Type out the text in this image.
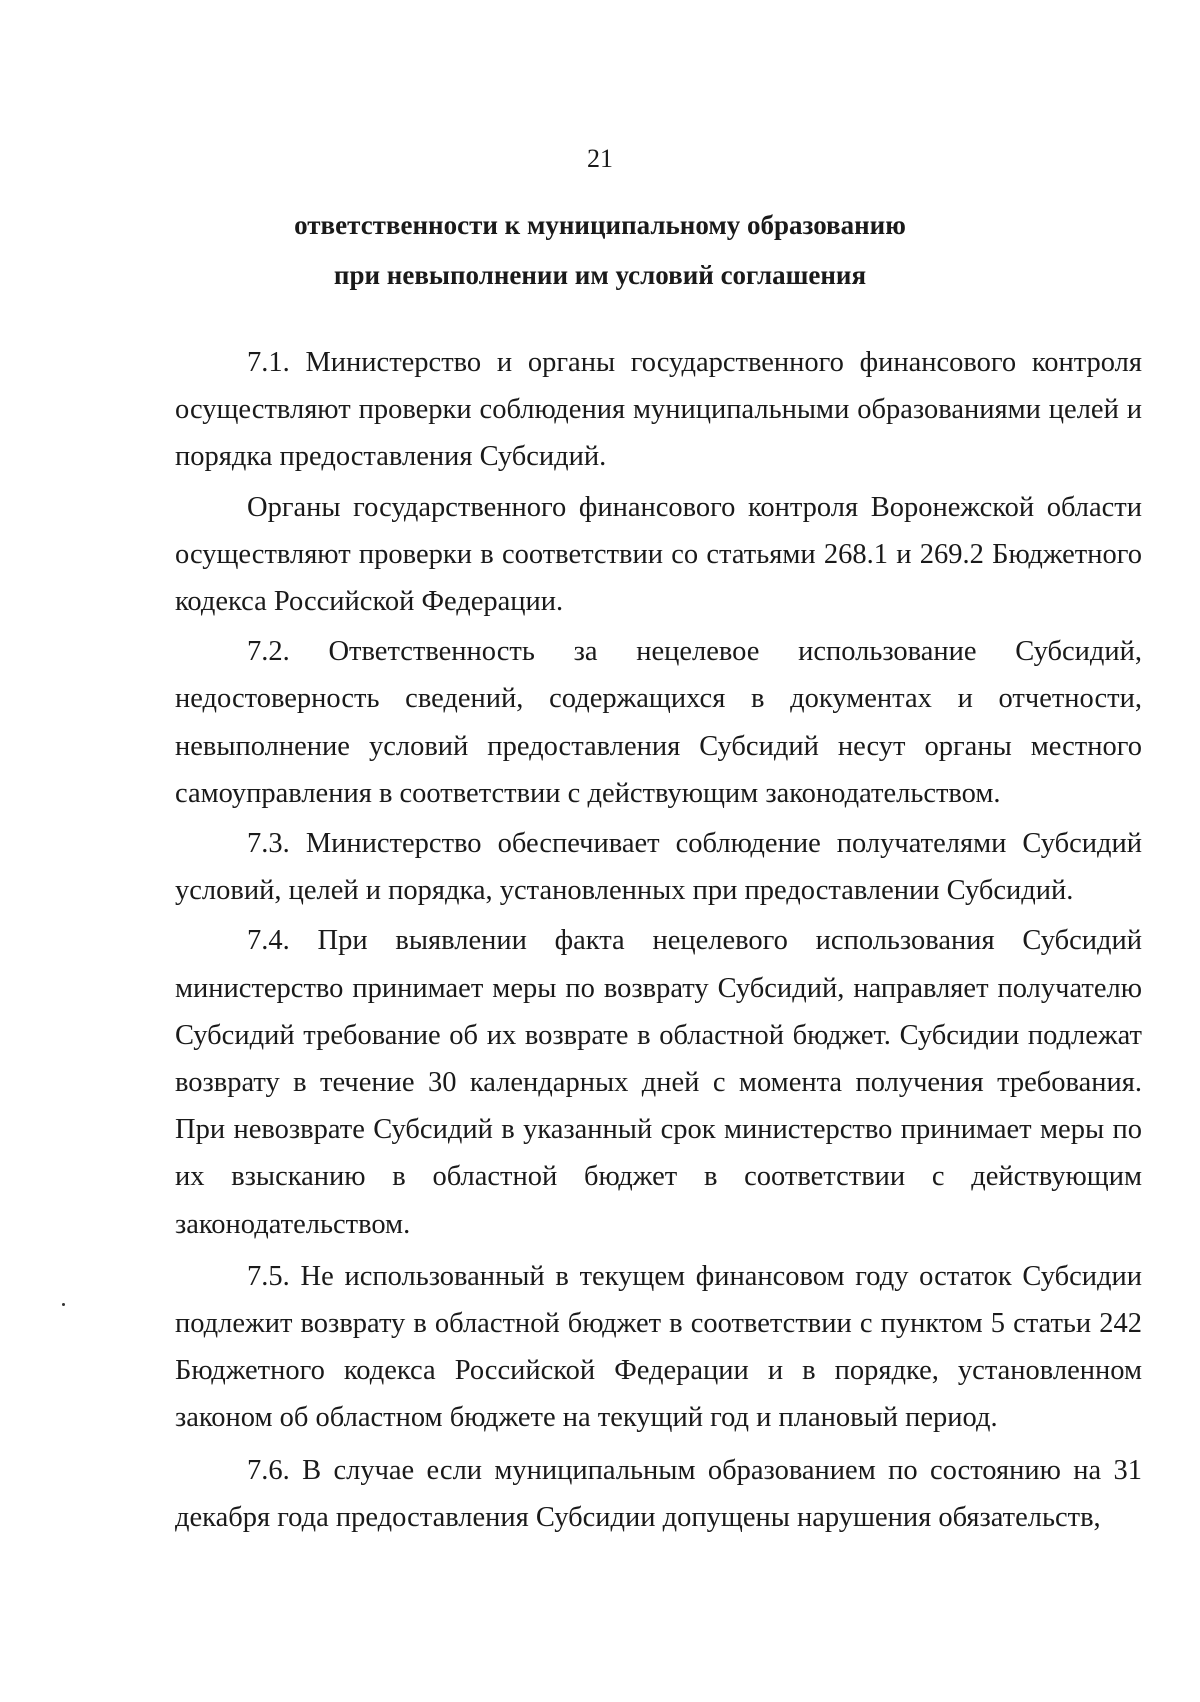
21
ответственности к муниципальному образованию
при невыполнении им условий соглашения

7.1. Министерство и органы государственного финансового контроля осуществляют проверки соблюдения муниципальными образованиями целей и порядка предоставления Субсидий.

Органы государственного финансового контроля Воронежской области осуществляют проверки в соответствии со статьями 268.1 и 269.2 Бюджетного кодекса Российской Федерации.

7.2. Ответственность за нецелевое использование Субсидий, недостоверность сведений, содержащихся в документах и отчетности, невыполнение условий предоставления Субсидий несут органы местного самоуправления в соответствии с действующим законодательством.

7.3. Министерство обеспечивает соблюдение получателями Субсидий условий, целей и порядка, установленных при предоставлении Субсидий.

7.4. При выявлении факта нецелевого использования Субсидий министерство принимает меры по возврату Субсидий, направляет получателю Субсидий требование об их возврате в областной бюджет. Субсидии подлежат возврату в течение 30 календарных дней с момента получения требования. При невозврате Субсидий в указанный срок министерство принимает меры по их взысканию в областной бюджет в соответствии с действующим законодательством.

7.5. Не использованный в текущем финансовом году остаток Субсидии подлежит возврату в областной бюджет в соответствии с пунктом 5 статьи 242 Бюджетного кодекса Российской Федерации и в порядке, установленном законом об областном бюджете на текущий год и плановый период.

7.6. В случае если муниципальным образованием по состоянию на 31 декабря года предоставления Субсидии допущены нарушения обязательств,
